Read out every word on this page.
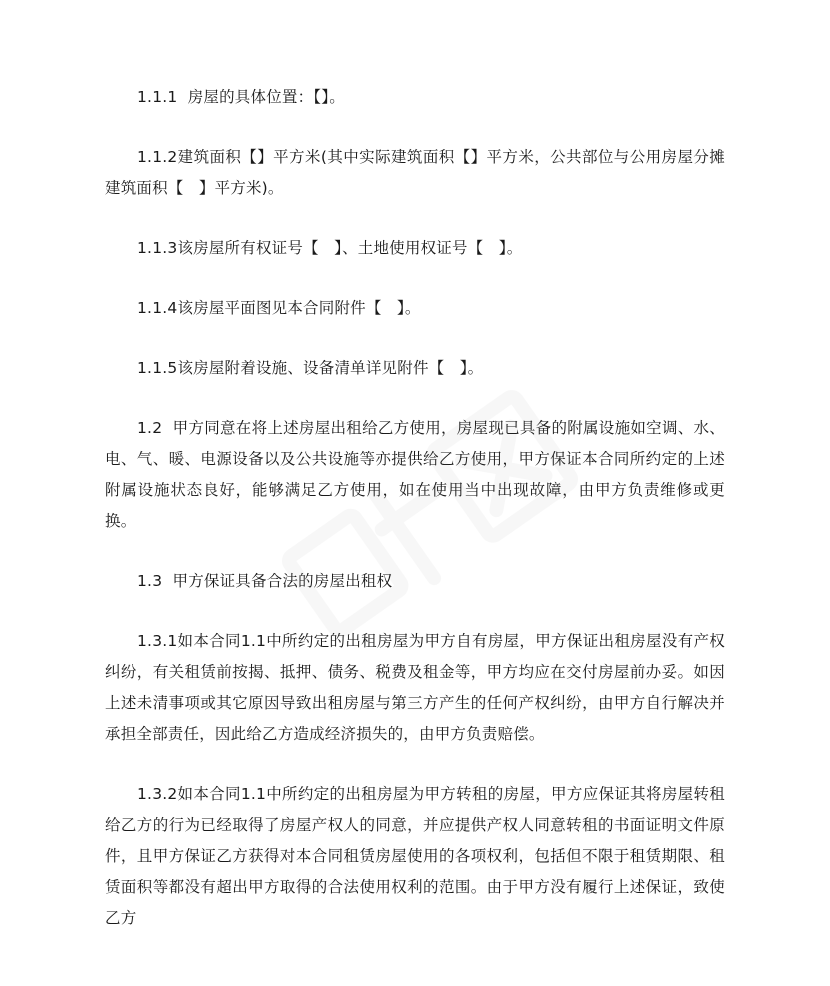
1.1.1  房屋的具体位置：【】。

1.1.2建筑面积【】平方米(其中实际建筑面积【】平方米，公共部位与公用房屋分摊建筑面积【   】平方米)。

1.1.3该房屋所有权证号【   】、土地使用权证号【   】。

1.1.4该房屋平面图见本合同附件【   】。

1.1.5该房屋附着设施、设备清单详见附件【   】。

1.2  甲方同意在将上述房屋出租给乙方使用，房屋现已具备的附属设施如空调、水、电、气、暖、电源设备以及公共设施等亦提供给乙方使用，甲方保证本合同所约定的上述附属设施状态良好，能够满足乙方使用，如在使用当中出现故障，由甲方负责维修或更换。

1.3  甲方保证具备合法的房屋出租权

1.3.1如本合同1.1中所约定的出租房屋为甲方自有房屋，甲方保证出租房屋没有产权纠纷，有关租赁前按揭、抵押、债务、税费及租金等，甲方均应在交付房屋前办妥。如因上述未清事项或其它原因导致出租房屋与第三方产生的任何产权纠纷，由甲方自行解决并承担全部责任，因此给乙方造成经济损失的，由甲方负责赔偿。

1.3.2如本合同1.1中所约定的出租房屋为甲方转租的房屋，甲方应保证其将房屋转租给乙方的行为已经取得了房屋产权人的同意，并应提供产权人同意转租的书面证明文件原件，且甲方保证乙方获得对本合同租赁房屋使用的各项权利，包括但不限于租赁期限、租赁面积等都没有超出甲方取得的合法使用权利的范围。由于甲方没有履行上述保证，致使乙方
